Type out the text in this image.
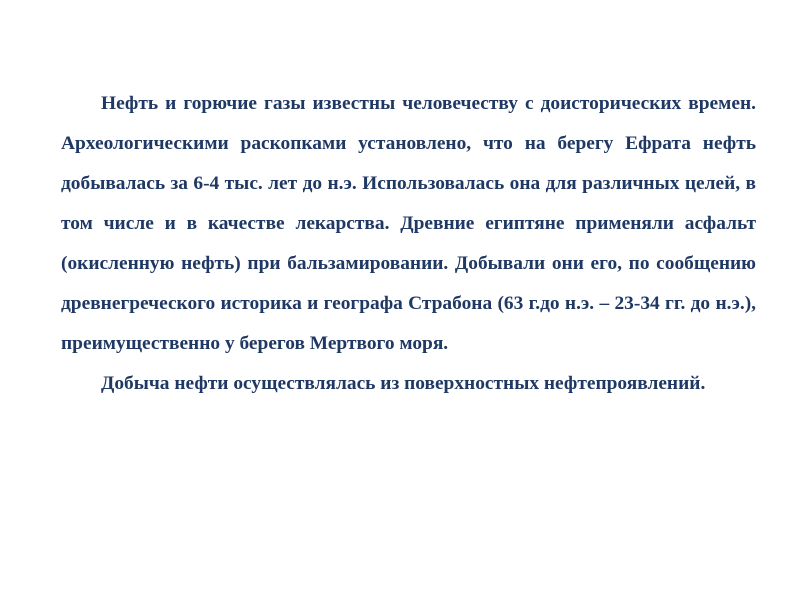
Нефть и горючие газы известны человечеству с доисторических времен. Археологическими раскопками установлено, что на берегу Ефрата нефть добывалась за 6-4 тыс. лет до н.э. Использовалась она для различных целей, в том числе и в качестве лекарства. Древние египтяне применяли асфальт (окисленную нефть) при бальзамировании. Добывали они его, по сообщению древнегреческого историка и географа Страбона (63 г.до н.э. – 23-34 гг. до н.э.), преимущественно у берегов Мертвого моря.

Добыча нефти осуществлялась из поверхностных нефтепроявлений.
